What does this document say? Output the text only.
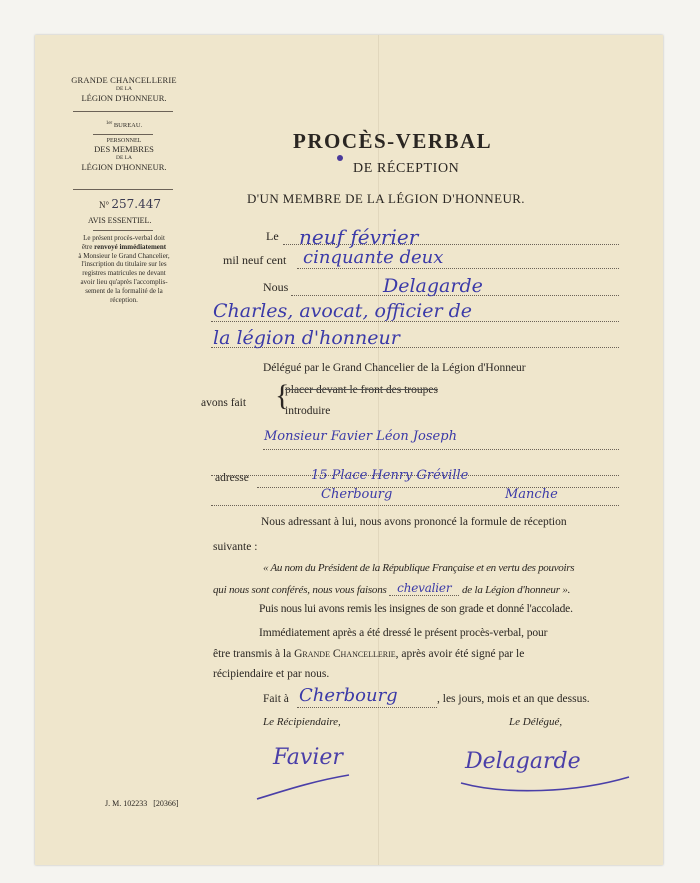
GRANDE CHANCELLERIE
DE LA
LÉGION D'HONNEUR.
$^{1er}$ BUREAU.
PERSONNEL
DES MEMBRES
DE LA
LÉGION D'HONNEUR.
N° 257.447
AVIS ESSENTIEL.
Le présent procès-verbal doit
être renvoyé immédiatement
à Monsieur le Grand Chancelier,
l'inscription du titulaire sur les
registres matricules ne devant
avoir lieu qu'après l'accomplis-
sement de la formalité de la
réception.
PROCÈS-VERBAL
DE RÉCEPTION
D'UN MEMBRE DE LA LÉGION D'HONNEUR.
Le neuf février
mil neuf cent cinquante deux
Nous	Delagarde
Charles, avocat, officier de
la légion d'honneur
Délégué par le Grand Chancelier de la Légion d'Honneur
avons fait {
placer devant le front des troupes
introduire
Monsieur Favier Léon Joseph
adresse	15 Place Henry Gréville
Cherbourg	Manche
Nous adressant à lui, nous avons prononcé la formule de réception
suivante :
« Au nom du Président de la République Française et en vertu des pouvoirs
qui nous sont conférés, nous vous faisons chevalier de la Légion d'honneur ».
Puis nous lui avons remis les insignes de son grade et donné l'accolade.
Immédiatement après a été dressé le présent procès-verbal, pour
être transmis à la Grande Chancellerie, après avoir été signé par le
récipiendaire et par nous.
Fait à Cherbourg	, les jours, mois et an que dessus.
Le Récipiendaire,	Le Délégué,
Favier	Delagarde
J. M. 102233 [20366]
